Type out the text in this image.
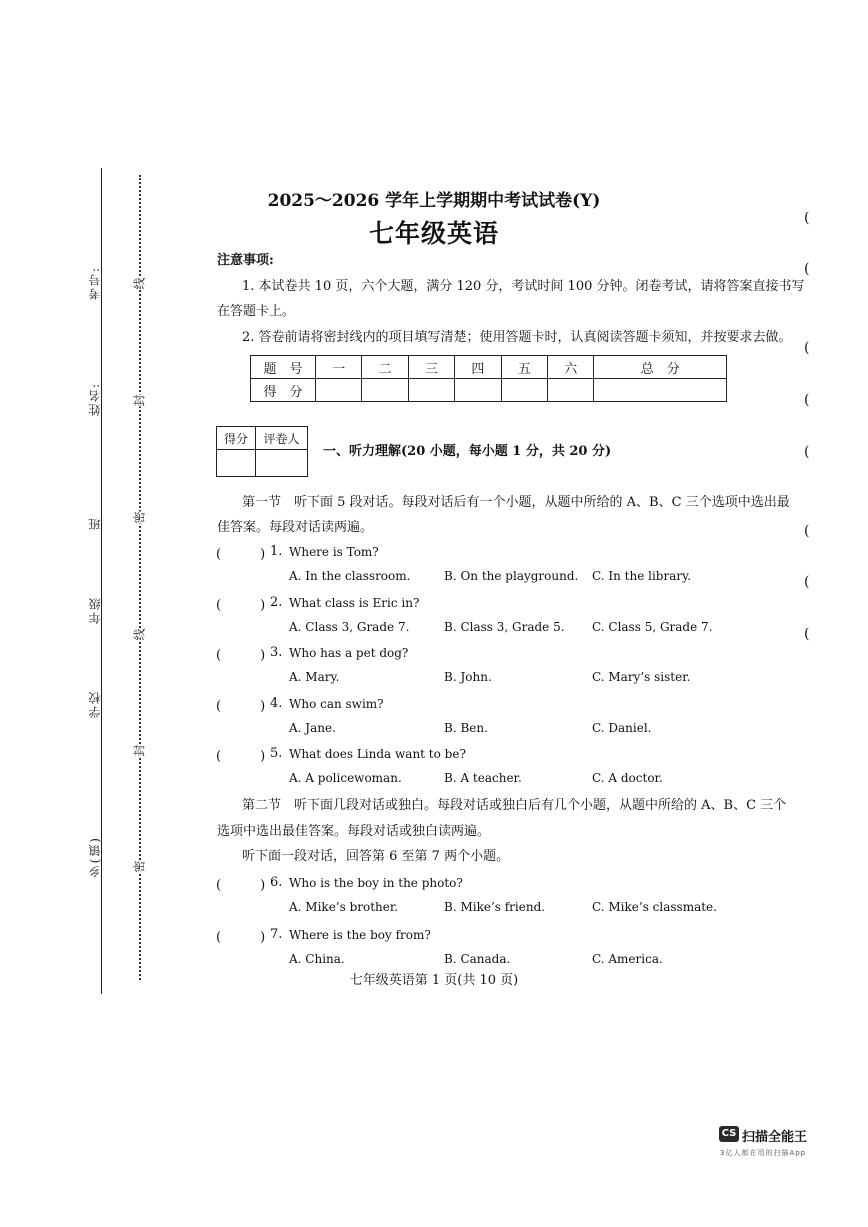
考号:
姓名:
班
年级
学校
乡(镇)
线
封
密
线
封
密
2025～2026 学年上学期期中考试试卷(Y)
七年级英语
注意事项:
1. 本试卷共 10 页，六个大题，满分 120 分，考试时间 100 分钟。闭卷考试，请将答案直接书写
在答题卡上。
2. 答卷前请将密封线内的项目填写清楚；使用答题卡时，认真阅读答题卡须知，并按要求去做。
题　号	一	二	三	四	五	六	总　分
得　分							
得分	评卷人

一、听力理解(20 小题，每小题 1 分，共 20 分)
第一节　听下面 5 段对话。每段对话后有一个小题，从题中所给的 A、B、C 三个选项中选出最
佳答案。每段对话读两遍。
(　　　) 1. Where is Tom?
A. In the classroom.	B. On the playground. C. In the library.
(　　　) 2. What class is Eric in?
A. Class 3, Grade 7.	B. Class 3, Grade 5. C. Class 5, Grade 7.
(　　　) 3. Who has a pet dog?
A. Mary.	B. John.	C. Mary’s sister.
(　　　) 4. Who can swim?
A. Jane.	B. Ben.	C. Daniel.
(　　　) 5. What does Linda want to be?
A. A policewoman.	B. A teacher.	C. A doctor.
第二节　听下面几段对话或独白。每段对话或独白后有几个小题，从题中所给的 A、B、C 三个
选项中选出最佳答案。每段对话或独白读两遍。
听下面一段对话，回答第 6 至第 7 两个小题。
(　　　) 6. Who is the boy in the photo?
A. Mike’s brother.	B. Mike’s friend.	C. Mike’s classmate.
(　　　) 7. Where is the boy from?
A. China.	B. Canada.	C. America.
七年级英语第 1 页(共 10 页)
(
(
(
(
(
(
(
(
CS 扫描全能王
3亿人都在用的扫描App
